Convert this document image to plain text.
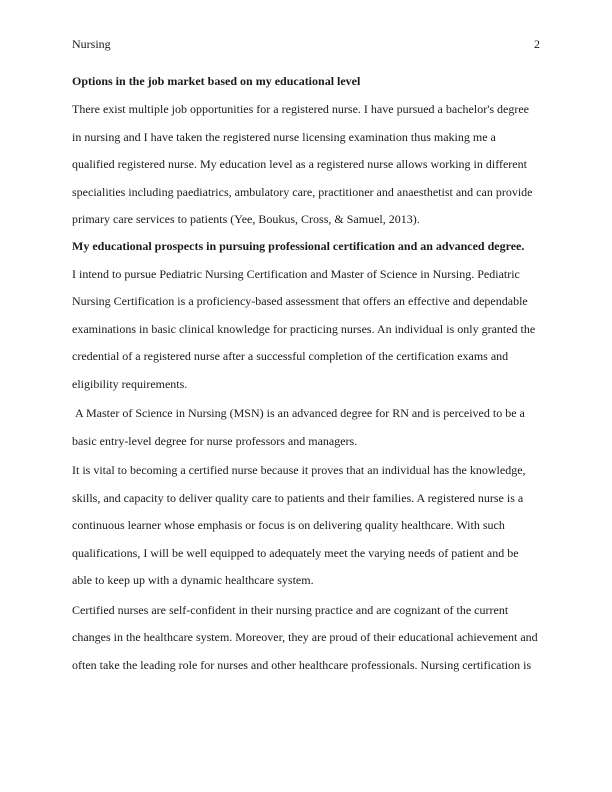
Nursing	2
Options in the job market based on my educational level

There exist multiple job opportunities for a registered nurse. I have pursued a bachelor's degree in nursing and I have taken the registered nurse licensing examination thus making me a qualified registered nurse. My education level as a registered nurse allows working in different specialities including paediatrics, ambulatory care, practitioner and anaesthetist and can provide primary care services to patients (Yee, Boukus, Cross, & Samuel, 2013).

My educational prospects in pursuing professional certification and an advanced degree.

I intend to pursue Pediatric Nursing Certification and Master of Science in Nursing. Pediatric Nursing Certification is a proficiency-based assessment that offers an effective and dependable examinations in basic clinical knowledge for practicing nurses. An individual is only granted the credential of a registered nurse after a successful completion of the certification exams and eligibility requirements.

A Master of Science in Nursing (MSN) is an advanced degree for RN and is perceived to be a basic entry-level degree for nurse professors and managers.

It is vital to becoming a certified nurse because it proves that an individual has the knowledge, skills, and capacity to deliver quality care to patients and their families. A registered nurse is a continuous learner whose emphasis or focus is on delivering quality healthcare. With such qualifications, I will be well equipped to adequately meet the varying needs of patient and be able to keep up with a dynamic healthcare system.

Certified nurses are self-confident in their nursing practice and are cognizant of the current changes in the healthcare system. Moreover, they are proud of their educational achievement and often take the leading role for nurses and other healthcare professionals. Nursing certification is
